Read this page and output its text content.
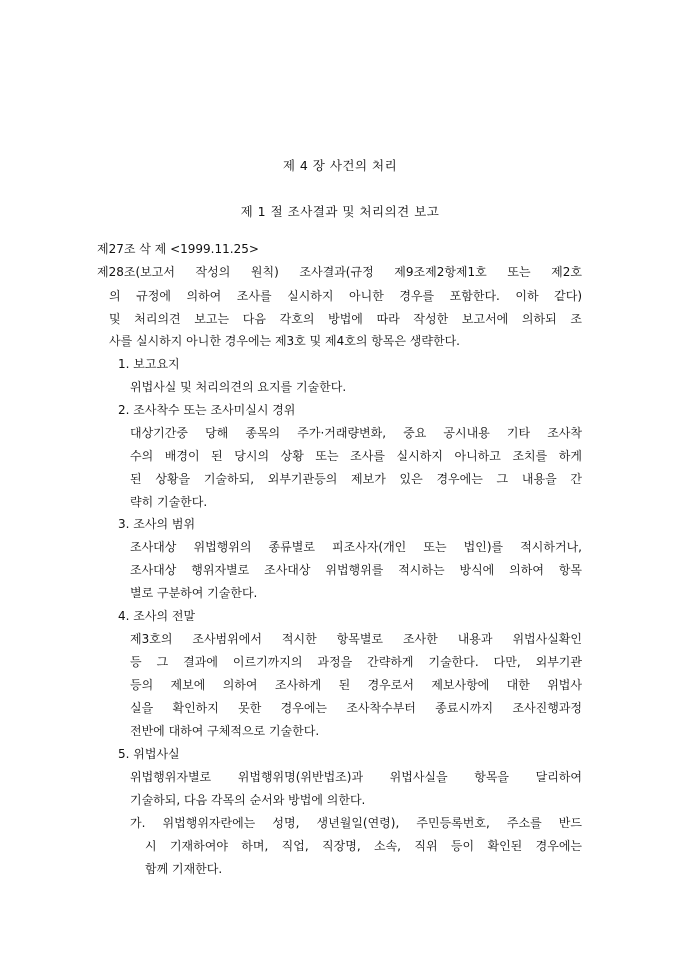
제 4 장 사건의 처리
제 1 절 조사결과 및 처리의견 보고
제27조 삭 제 <1999.11.25>
제28조(보고서 작성의 원칙) 조사결과(규정 제9조제2항제1호 또는 제2호
의 규정에 의하여 조사를 실시하지 아니한 경우를 포함한다. 이하 같다)
및 처리의견 보고는 다음 각호의 방법에 따라 작성한 보고서에 의하되 조
사를 실시하지 아니한 경우에는 제3호 및 제4호의 항목은 생략한다.
1. 보고요지
위법사실 및 처리의견의 요지를 기술한다.
2. 조사착수 또는 조사미실시 경위
대상기간중 당해 종목의 주가·거래량변화, 중요 공시내용 기타 조사착
수의 배경이 된 당시의 상황 또는 조사를 실시하지 아니하고 조치를 하게
된 상황을 기술하되, 외부기관등의 제보가 있은 경우에는 그 내용을 간
략히 기술한다.
3. 조사의 범위
조사대상 위법행위의 종류별로 피조사자(개인 또는 법인)를 적시하거나,
조사대상 행위자별로 조사대상 위법행위를 적시하는 방식에 의하여 항목
별로 구분하여 기술한다.
4. 조사의 전말
제3호의 조사범위에서 적시한 항목별로 조사한 내용과 위법사실확인
등 그 결과에 이르기까지의 과정을 간략하게 기술한다. 다만, 외부기관
등의 제보에 의하여 조사하게 된 경우로서 제보사항에 대한 위법사
실을 확인하지 못한 경우에는 조사착수부터 종료시까지 조사진행과정
전반에 대하여 구체적으로 기술한다.
5. 위법사실
위법행위자별로 위법행위명(위반법조)과 위법사실을 항목을 달리하여
기술하되, 다음 각목의 순서와 방법에 의한다.
가. 위법행위자란에는 성명, 생년월일(연령), 주민등록번호, 주소를 반드
시 기재하여야 하며, 직업, 직장명, 소속, 직위 등이 확인된 경우에는
함께 기재한다.
